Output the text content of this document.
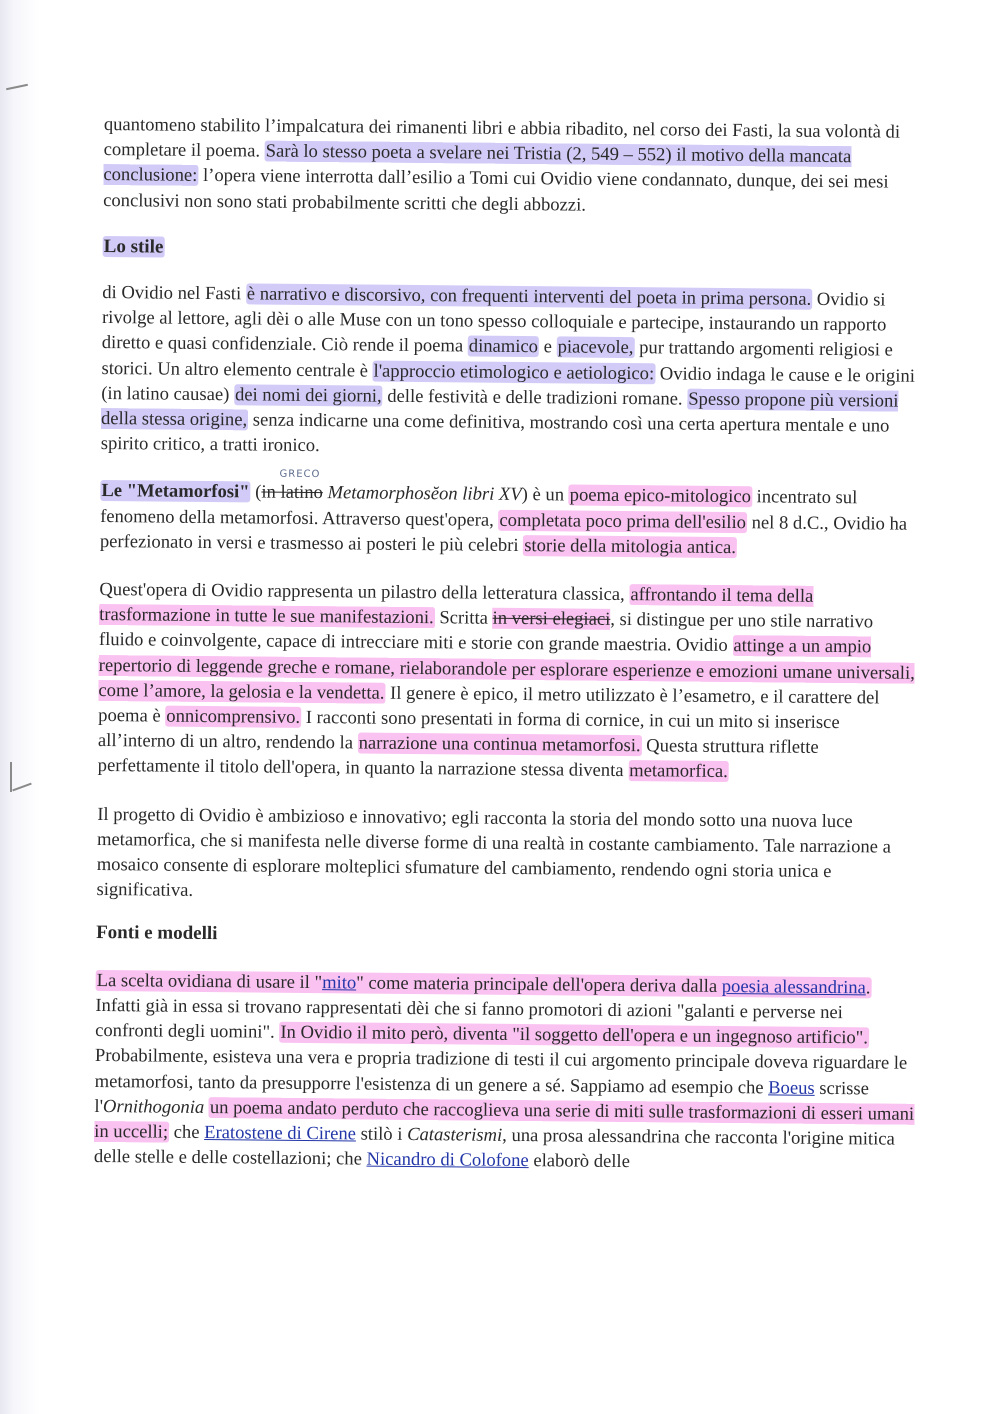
quantomeno stabilito l’impalcatura dei rimanenti libri e abbia ribadito, nel corso dei Fasti, la sua volontà di completare il poema. Sarà lo stesso poeta a svelare nei Tristia (2, 549 – 552) il motivo della mancata conclusione: l’opera viene interrotta dall’esilio a Tomi cui Ovidio viene condannato, dunque, dei sei mesi conclusivi non sono stati probabilmente scritti che degli abbozzi.

Lo stile

di Ovidio nel Fasti è narrativo e discorsivo, con frequenti interventi del poeta in prima persona. Ovidio si rivolge al lettore, agli dèi o alle Muse con un tono spesso colloquiale e partecipe, instaurando un rapporto diretto e quasi confidenziale. Ciò rende il poema dinamico e piacevole, pur trattando argomenti religiosi e storici. Un altro elemento centrale è l'approccio etimologico e aetiologico: Ovidio indaga le cause e le origini (in latino causae) dei nomi dei giorni, delle festività e delle tradizioni romane. Spesso propone più versioni della stessa origine, senza indicarne una come definitiva, mostrando così una certa apertura mentale e uno spirito critico, a tratti ironico.

Le "Metamorfosi" (
GRECO
in latino Metamorphosĕon libri XV) è un poema epico-mitologico incentrato sul fenomeno della metamorfosi. Attraverso quest'opera, completata poco prima dell'esilio nel 8 d.C., Ovidio ha perfezionato in versi e trasmesso ai posteri le più celebri storie della mitologia antica.

Quest'opera di Ovidio rappresenta un pilastro della letteratura classica, affrontando il tema della trasformazione in tutte le sue manifestazioni. Scritta in versi elegiaci, si distingue per uno stile narrativo fluido e coinvolgente, capace di intrecciare miti e storie con grande maestria. Ovidio attinge a un ampio repertorio di leggende greche e romane, rielaborandole per esplorare esperienze e emozioni umane universali, come l’amore, la gelosia e la vendetta. Il genere è epico, il metro utilizzato è l’esametro, e il carattere del poema è onnicomprensivo. I racconti sono presentati in forma di cornice, in cui un mito si inserisce all’interno di un altro, rendendo la narrazione una continua metamorfosi. Questa struttura riflette perfettamente il titolo dell'opera, in quanto la narrazione stessa diventa metamorfica.

Il progetto di Ovidio è ambizioso e innovativo; egli racconta la storia del mondo sotto una nuova luce metamorfica, che si manifesta nelle diverse forme di una realtà in costante cambiamento. Tale narrazione a mosaico consente di esplorare molteplici sfumature del cambiamento, rendendo ogni storia unica e significativa.

Fonti e modelli

La scelta ovidiana di usare il "mito" come materia principale dell'opera deriva dalla poesia alessandrina. Infatti già in essa si trovano rappresentati dèi che si fanno promotori di azioni "galanti e perverse nei confronti degli uomini". In Ovidio il mito però, diventa "il soggetto dell'opera e un ingegnoso artificio". Probabilmente, esisteva una vera e propria tradizione di testi il cui argomento principale doveva riguardare le metamorfosi, tanto da presupporre l'esistenza di un genere a sé. Sappiamo ad esempio che Boeus scrisse l'Ornithogonia un poema andato perduto che raccoglieva una serie di miti sulle trasformazioni di esseri umani in uccelli; che Eratostene di Cirene stilò i Catasterismi, una prosa alessandrina che racconta l'origine mitica delle stelle e delle costellazioni; che Nicandro di Colofone elaborò delle
